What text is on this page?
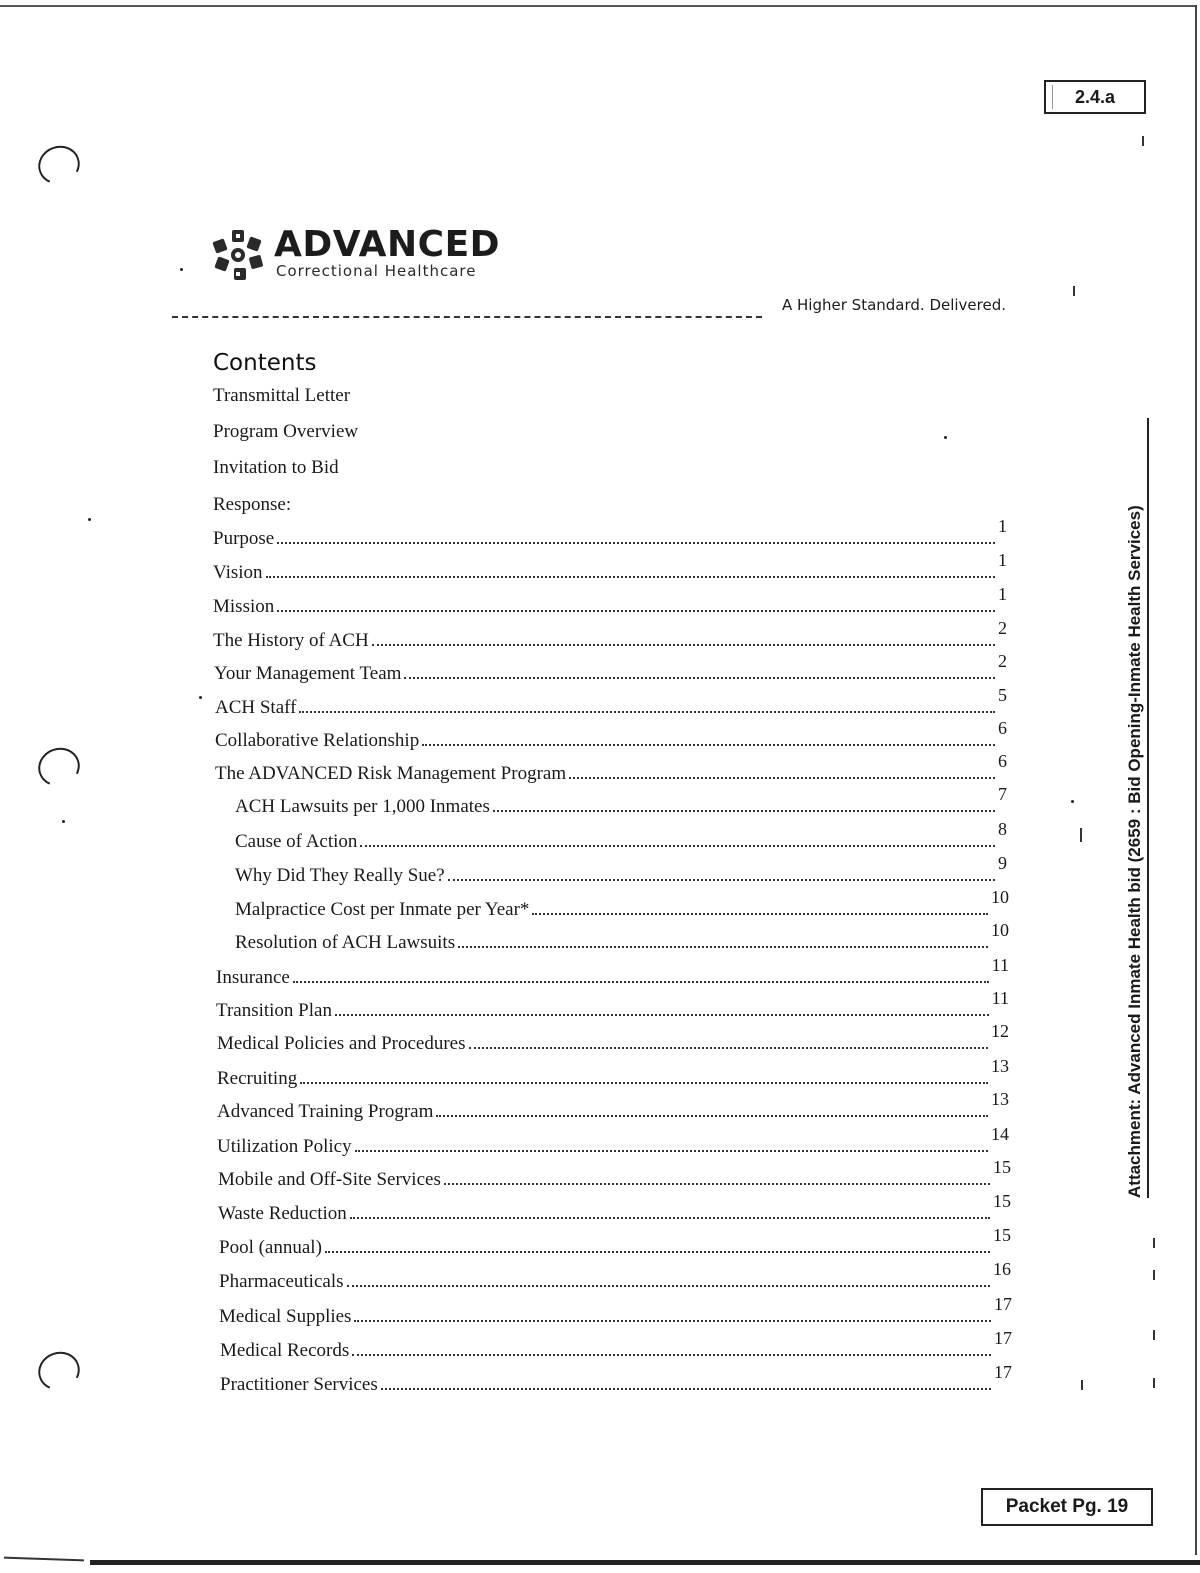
2.4.a
ADVANCED
Correctional Healthcare
A Higher Standard. Delivered.
Contents
Transmittal Letter
Program Overview
Invitation to Bid
Response:
Purpose
1
Vision
1
Mission
1
The History of ACH
2
Your Management Team
2
ACH Staff
5
Collaborative Relationship
6
The ADVANCED Risk Management Program
6
ACH Lawsuits per 1,000 Inmates
7
Cause of Action
8
Why Did They Really Sue?
9
Malpractice Cost per Inmate per Year*
10
Resolution of ACH Lawsuits
10
Insurance
11
Transition Plan
11
Medical Policies and Procedures
12
Recruiting
13
Advanced Training Program
13
Utilization Policy
14
Mobile and Off-Site Services
15
Waste Reduction
15
Pool (annual)
15
Pharmaceuticals
16
Medical Supplies
17
Medical Records
17
Practitioner Services
17
Attachment: Advanced Inmate Health bid (2659 : Bid Opening-Inmate Health Services)
Packet Pg. 19
